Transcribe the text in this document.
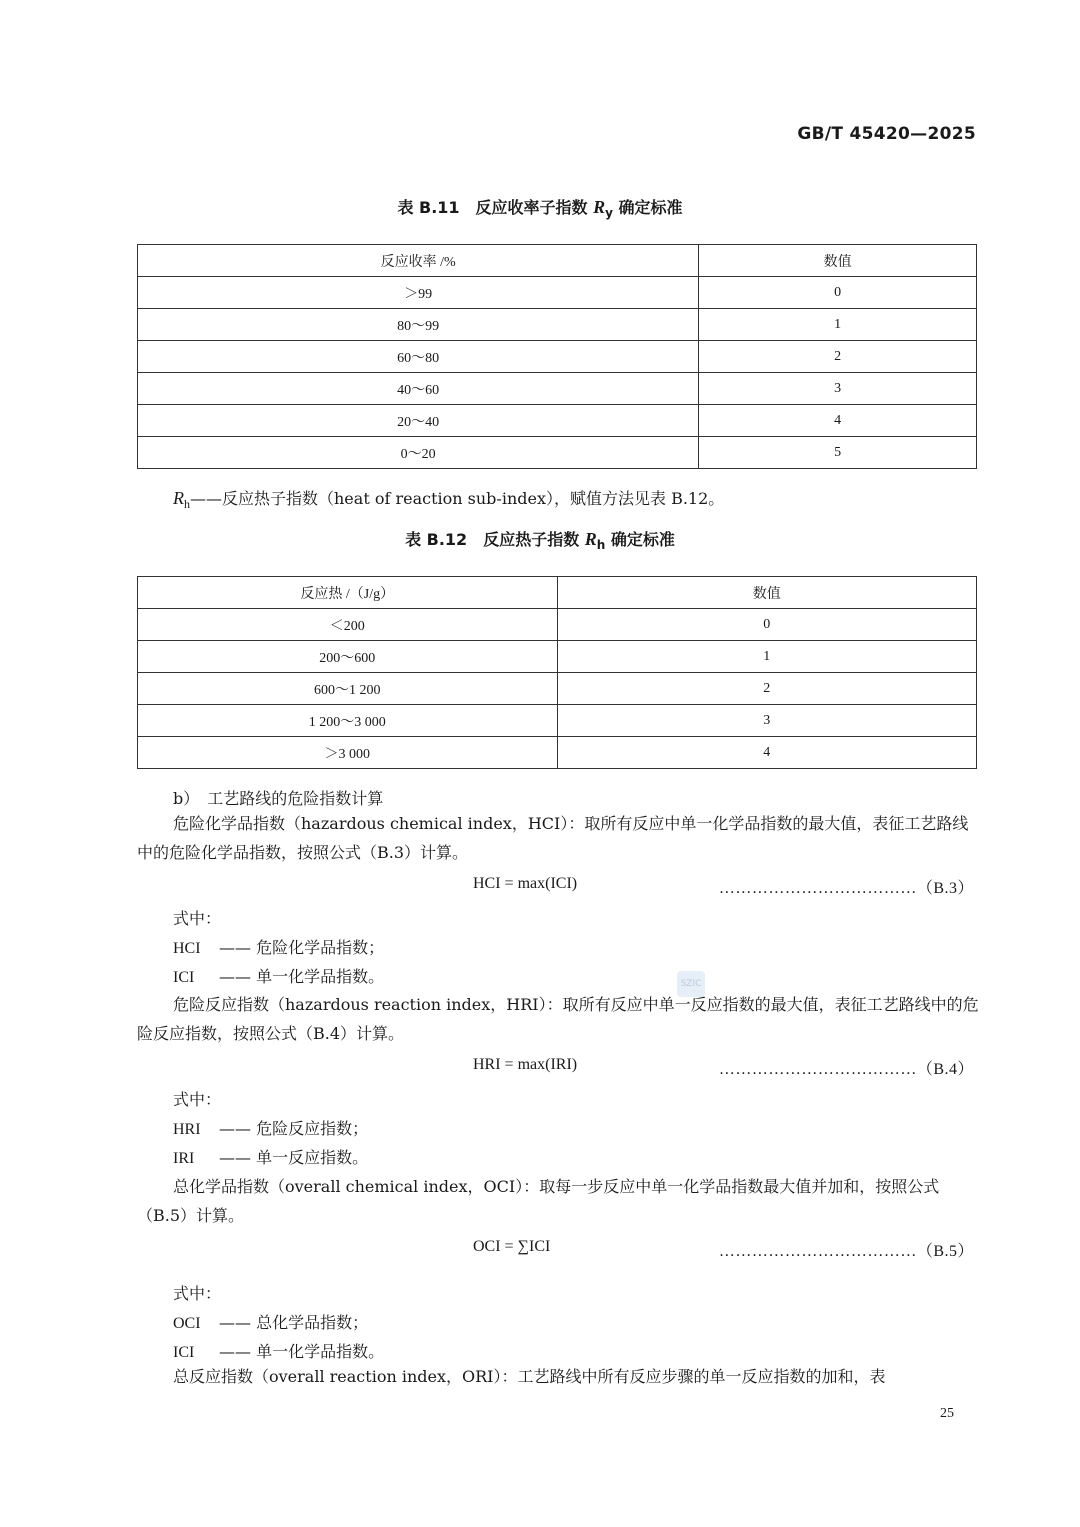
GB/T 45420—2025
表 B.11　反应收率子指数 $R_y$ 确定标准
反应收率 /%	数值
＞99	0
80～99	1
60～80	2
40～60	3
20～40	4
0～20	5
$R_h——$反应热子指数（heat of reaction sub-index），赋值方法见表 B.12。
表 B.12　反应热子指数 $R_h$ 确定标准
反应热 /（J/g）	数值
＜200	0
200～600	1
600～1 200	2
1 200～3 000	3
＞3 000	4
b）　工艺路线的危险指数计算
危险化学品指数（hazardous chemical index，HCI）：取所有反应中单一化学品指数的最大值，表征工艺路线中的危险化学品指数，按照公式（B.3）计算。
HCI = max(ICI)	………………………………（B.3）
式中：
HCI —— 危险化学品指数；
ICI —— 单一化学品指数。	SZIC
危险反应指数（hazardous reaction index，HRI）：取所有反应中单一反应指数的最大值，表征工艺路线中的危险反应指数，按照公式（B.4）计算。
HRI = max(IRI)	………………………………（B.4）
式中：
HRI —— 危险反应指数；
IRI —— 单一反应指数。
总化学品指数（overall chemical index，OCI）：取每一步反应中单一化学品指数最大值并加和，按照公式（B.5）计算。
OCI = ∑ICI	………………………………（B.5）
式中：
OCI —— 总化学品指数；
ICI —— 单一化学品指数。
总反应指数（overall reaction index，ORI）：工艺路线中所有反应步骤的单一反应指数的加和，表
25
